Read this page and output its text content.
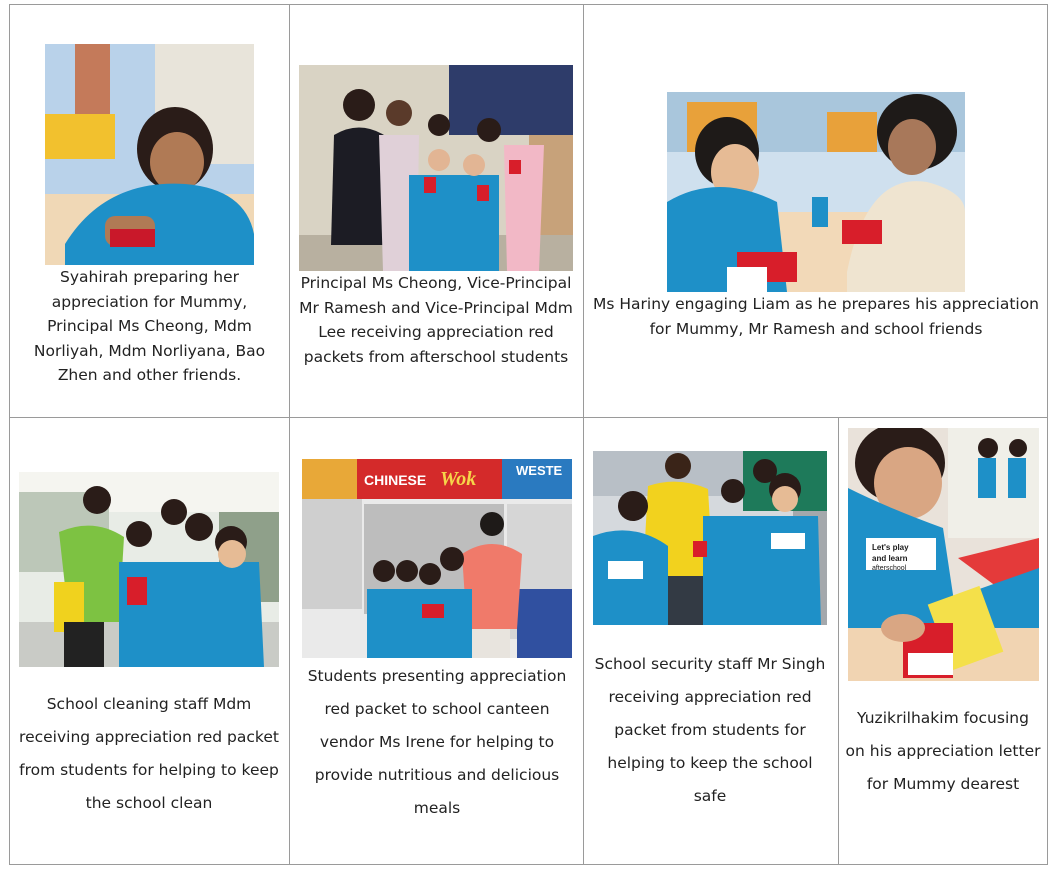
Syahirah preparing her appreciation for Mummy, Principal Ms Cheong, Mdm Norliyah, Mdm Norliyana, Bao Zhen and other friends.
Principal Ms Cheong, Vice-Principal Mr Ramesh and Vice-Principal Mdm Lee receiving appreciation red packets from afterschool students
Ms Hariny engaging Liam as he prepares his appreciation for Mummy, Mr Ramesh and school friends
School cleaning staff Mdm receiving appreciation red packet from students for helping to keep the school clean
CHINESE Wok	WESTE
Students presenting appreciation red packet to school canteen vendor Ms Irene for helping to provide nutritious and delicious meals
School security staff Mr Singh receiving appreciation red packet from students for helping to keep the school safe
Let's play
and learn
afterschool
Yuzikrilhakim focusing on his appreciation letter for Mummy dearest
